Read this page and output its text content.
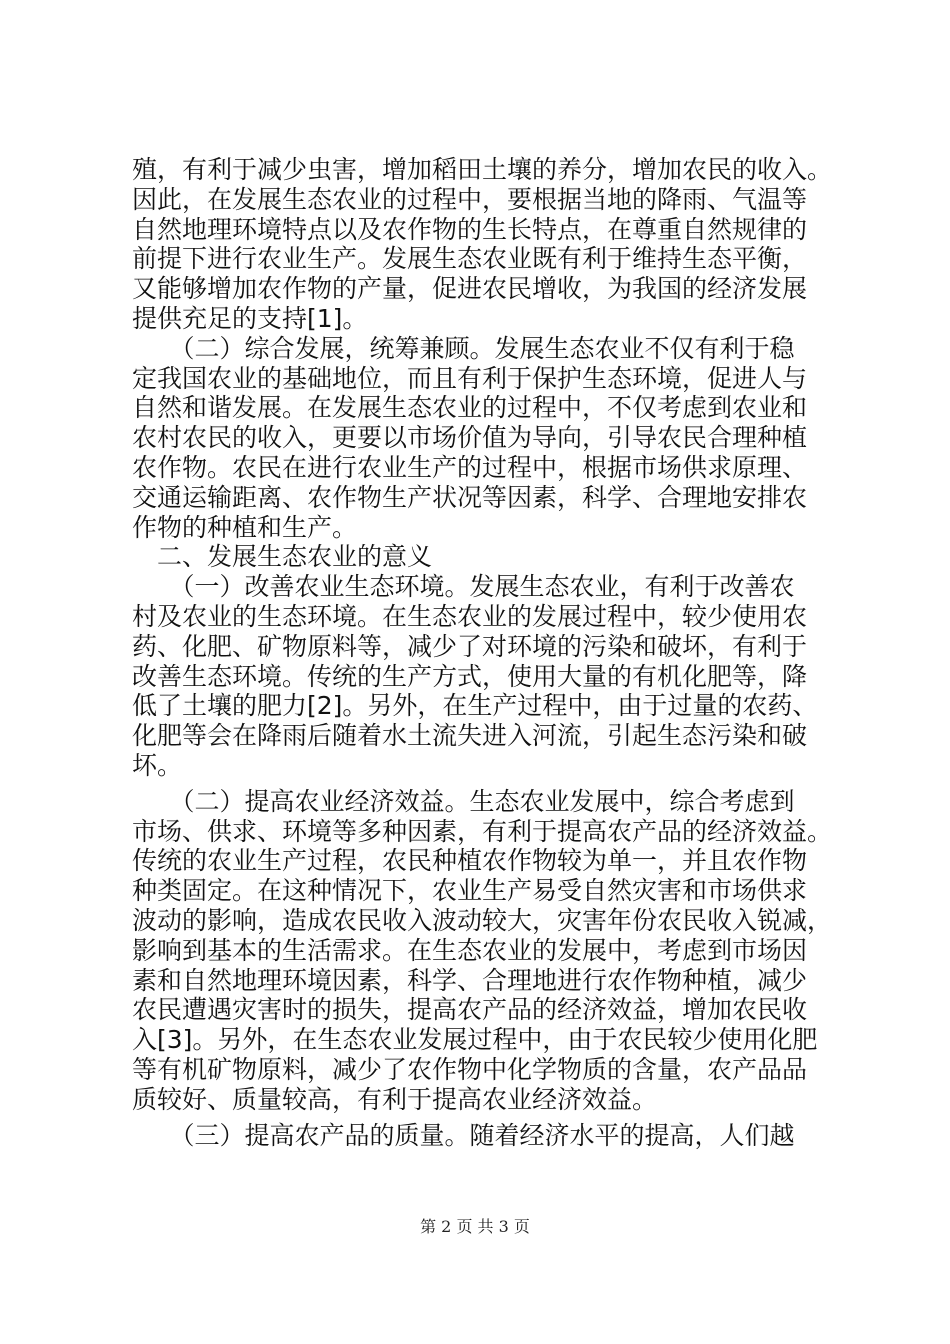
殖，有利于减少虫害，增加稻田土壤的养分，增加农民的收入。
因此，在发展生态农业的过程中，要根据当地的降雨、气温等
自然地理环境特点以及农作物的生长特点，在尊重自然规律的
前提下进行农业生产。发展生态农业既有利于维持生态平衡，
又能够增加农作物的产量，促进农民增收，为我国的经济发展
提供充足的支持[1]。
　　（二）综合发展，统筹兼顾。发展生态农业不仅有利于稳
定我国农业的基础地位，而且有利于保护生态环境，促进人与
自然和谐发展。在发展生态农业的过程中，不仅考虑到农业和
农村农民的收入，更要以市场价值为导向，引导农民合理种植
农作物。农民在进行农业生产的过程中，根据市场供求原理、
交通运输距离、农作物生产状况等因素，科学、合理地安排农
作物的种植和生产。
　二、发展生态农业的意义
　　（一）改善农业生态环境。发展生态农业，有利于改善农
村及农业的生态环境。在生态农业的发展过程中，较少使用农
药、化肥、矿物原料等，减少了对环境的污染和破坏，有利于
改善生态环境。传统的生产方式，使用大量的有机化肥等，降
低了土壤的肥力[2]。另外，在生产过程中，由于过量的农药、
化肥等会在降雨后随着水土流失进入河流，引起生态污染和破
坏。
　　（二）提高农业经济效益。生态农业发展中，综合考虑到
市场、供求、环境等多种因素，有利于提高农产品的经济效益。
传统的农业生产过程，农民种植农作物较为单一，并且农作物
种类固定。在这种情况下，农业生产易受自然灾害和市场供求
波动的影响，造成农民收入波动较大，灾害年份农民收入锐减，
影响到基本的生活需求。在生态农业的发展中，考虑到市场因
素和自然地理环境因素，科学、合理地进行农作物种植，减少
农民遭遇灾害时的损失，提高农产品的经济效益，增加农民收
入[3]。另外，在生态农业发展过程中，由于农民较少使用化肥
等有机矿物原料，减少了农作物中化学物质的含量，农产品品
质较好、质量较高，有利于提高农业经济效益。
　　（三）提高农产品的质量。随着经济水平的提高，人们越
第 2 页 共 3 页
